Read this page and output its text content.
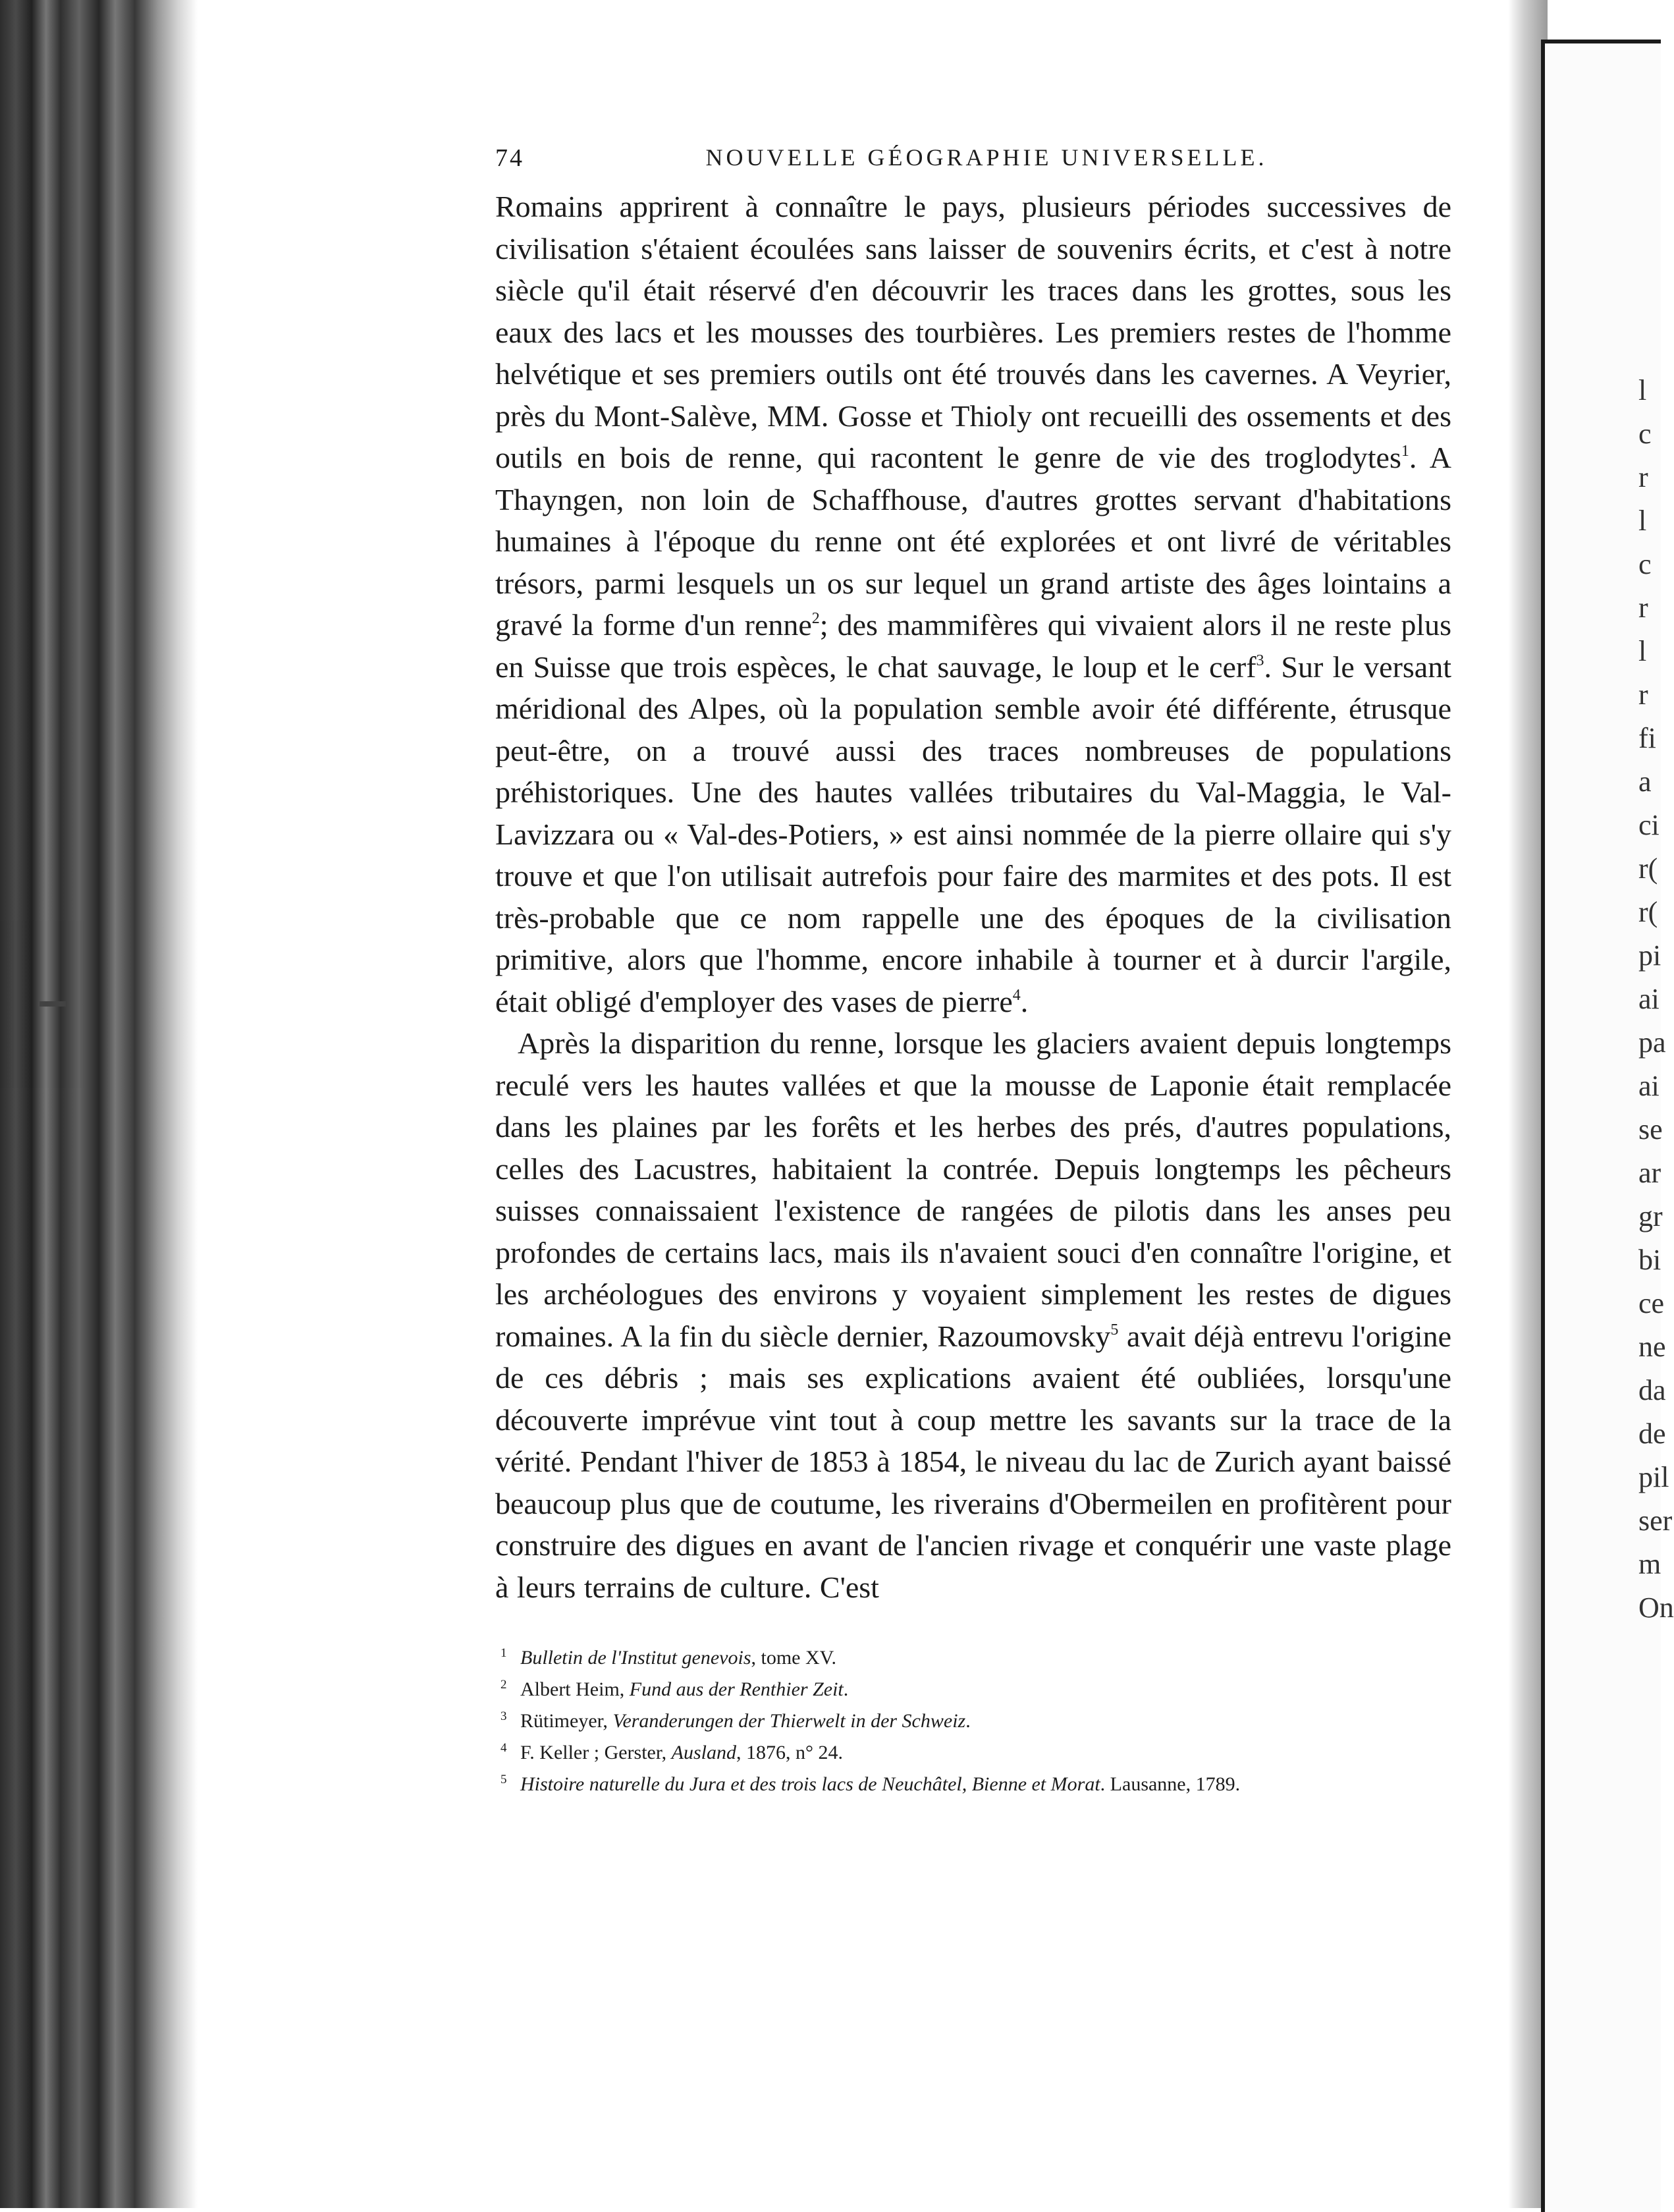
l
c
r
l
c
r
l
r
fi
a
ci
r(
r(
pi
ai
pa
ai
se
ar
gr
bi
ce
ne
da
de
pil
ser
m
On
74	NOUVELLE GÉOGRAPHIE UNIVERSELLE.

Romains apprirent à connaître le pays, plusieurs périodes successives de civilisation s'étaient écoulées sans laisser de souvenirs écrits, et c'est à notre siècle qu'il était réservé d'en découvrir les traces dans les grottes, sous les eaux des lacs et les mousses des tourbières. Les premiers restes de l'homme helvétique et ses premiers outils ont été trouvés dans les cavernes. A Veyrier, près du Mont-Salève, MM. Gosse et Thioly ont recueilli des ossements et des outils en bois de renne, qui racontent le genre de vie des troglodytes$^1$. A Thayngen, non loin de Schaffhouse, d'autres grottes servant d'habitations humaines à l'époque du renne ont été explorées et ont livré de véritables trésors, parmi lesquels un os sur lequel un grand artiste des âges lointains a gravé la forme d'un renne$^2$; des mammifères qui vivaient alors il ne reste plus en Suisse que trois espèces, le chat sauvage, le loup et le cerf$^3$. Sur le versant méridional des Alpes, où la population semble avoir été différente, étrusque peut-être, on a trouvé aussi des traces nombreuses de populations préhistoriques. Une des hautes vallées tributaires du Val-Maggia, le Val-Lavizzara ou « Val-des-Potiers, » est ainsi nommée de la pierre ollaire qui s'y trouve et que l'on utilisait autrefois pour faire des marmites et des pots. Il est très-probable que ce nom rappelle une des époques de la civilisation primitive, alors que l'homme, encore inhabile à tourner et à durcir l'argile, était obligé d'employer des vases de pierre$^4$.

Après la disparition du renne, lorsque les glaciers avaient depuis longtemps reculé vers les hautes vallées et que la mousse de Laponie était remplacée dans les plaines par les forêts et les herbes des prés, d'autres populations, celles des Lacustres, habitaient la contrée. Depuis longtemps les pêcheurs suisses connaissaient l'existence de rangées de pilotis dans les anses peu profondes de certains lacs, mais ils n'avaient souci d'en connaître l'origine, et les archéologues des environs y voyaient simplement les restes de digues romaines. A la fin du siècle dernier, Razoumovsky$^5$ avait déjà entrevu l'origine de ces débris ; mais ses explications avaient été oubliées, lorsqu'une découverte imprévue vint tout à coup mettre les savants sur la trace de la vérité. Pendant l'hiver de 1853 à 1854, le niveau du lac de Zurich ayant baissé beaucoup plus que de coutume, les riverains d'Obermeilen en profitèrent pour construire des digues en avant de l'ancien rivage et conquérir une vaste plage à leurs terrains de culture. C'est

1 Bulletin de l'Institut genevois, tome XV.
2 Albert Heim, Fund aus der Renthier Zeit.
3 Rütimeyer, Veranderungen der Thierwelt in der Schweiz.
4 F. Keller ; Gerster, Ausland, 1876, n° 24.
5 Histoire naturelle du Jura et des trois lacs de Neuchâtel, Bienne et Morat. Lausanne, 1789.
